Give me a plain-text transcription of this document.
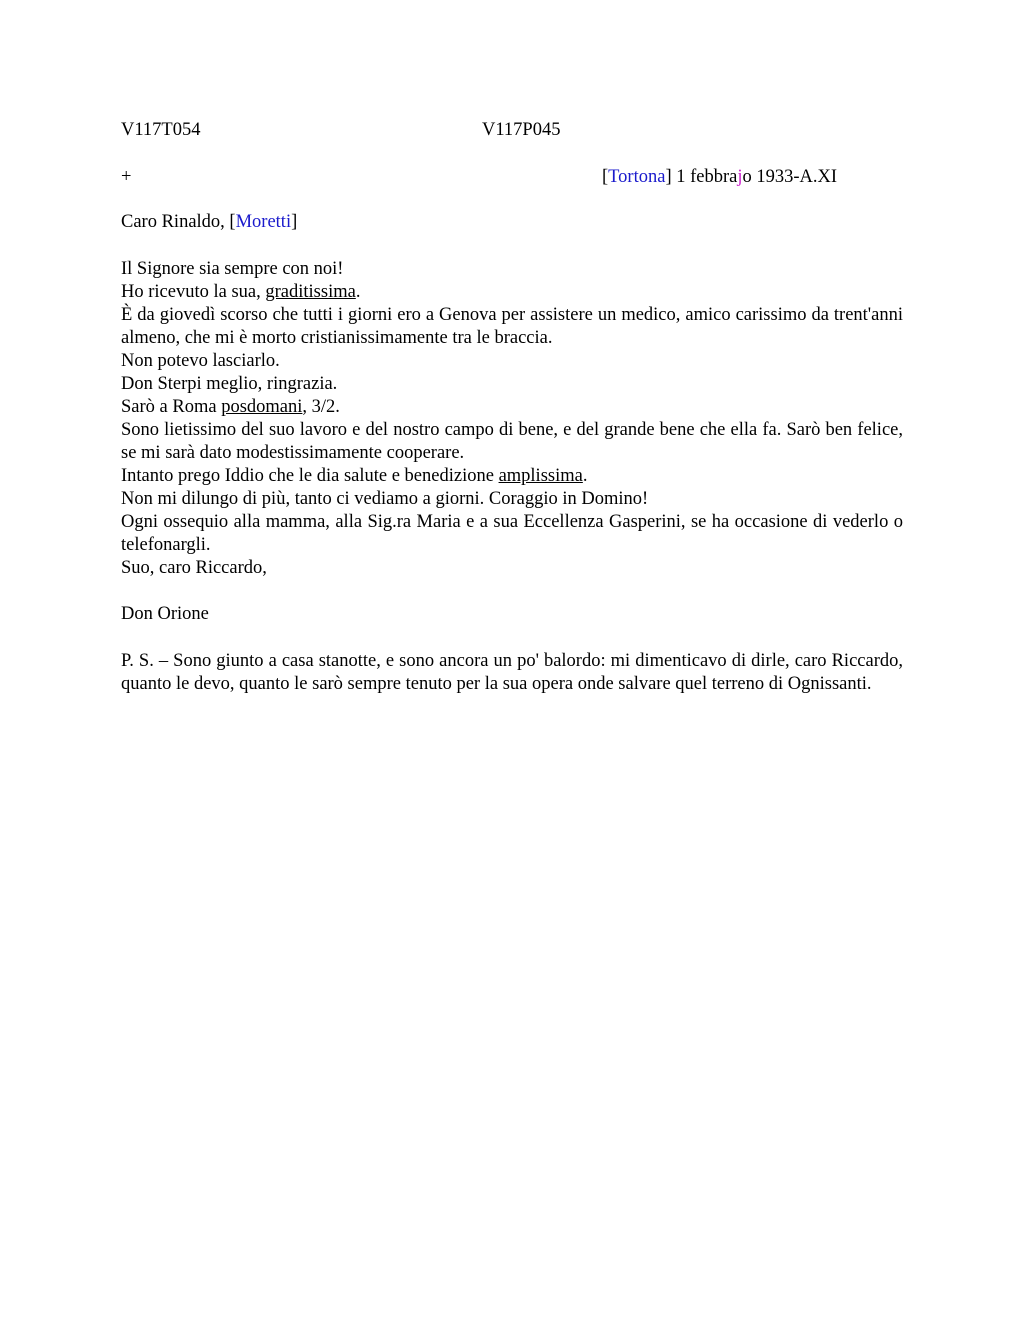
V117T054	V117P045
+	[Tortona] 1 febbrajo 1933-A.XI
Caro Rinaldo, [Moretti]
Il Signore sia sempre con noi!
Ho ricevuto la sua, graditissima.
È da giovedì scorso che tutti i giorni ero a Genova per assistere un medico, amico carissimo da trent'anni almeno, che mi è morto cristianissimamente tra le braccia.
Non potevo lasciarlo.
Don Sterpi meglio, ringrazia.
Sarò a Roma posdomani, 3/2.
Sono lietissimo del suo lavoro e del nostro campo di bene, e del grande bene che ella fa. Sarò ben felice, se mi sarà dato modestissimamente cooperare.
Intanto prego Iddio che le dia salute e benedizione amplissima.
Non mi dilungo di più, tanto ci vediamo a giorni. Coraggio in Domino!
Ogni ossequio alla mamma, alla Sig.ra Maria e a sua Eccellenza Gasperini, se ha occasione di vederlo o telefonargli.
Suo, caro Riccardo,
Don Orione
P. S. – Sono giunto a casa stanotte, e sono ancora un po' balordo: mi dimenticavo di dirle, caro Riccardo, quanto le devo, quanto le sarò sempre tenuto per la sua opera onde salvare quel terreno di Ognissanti.
